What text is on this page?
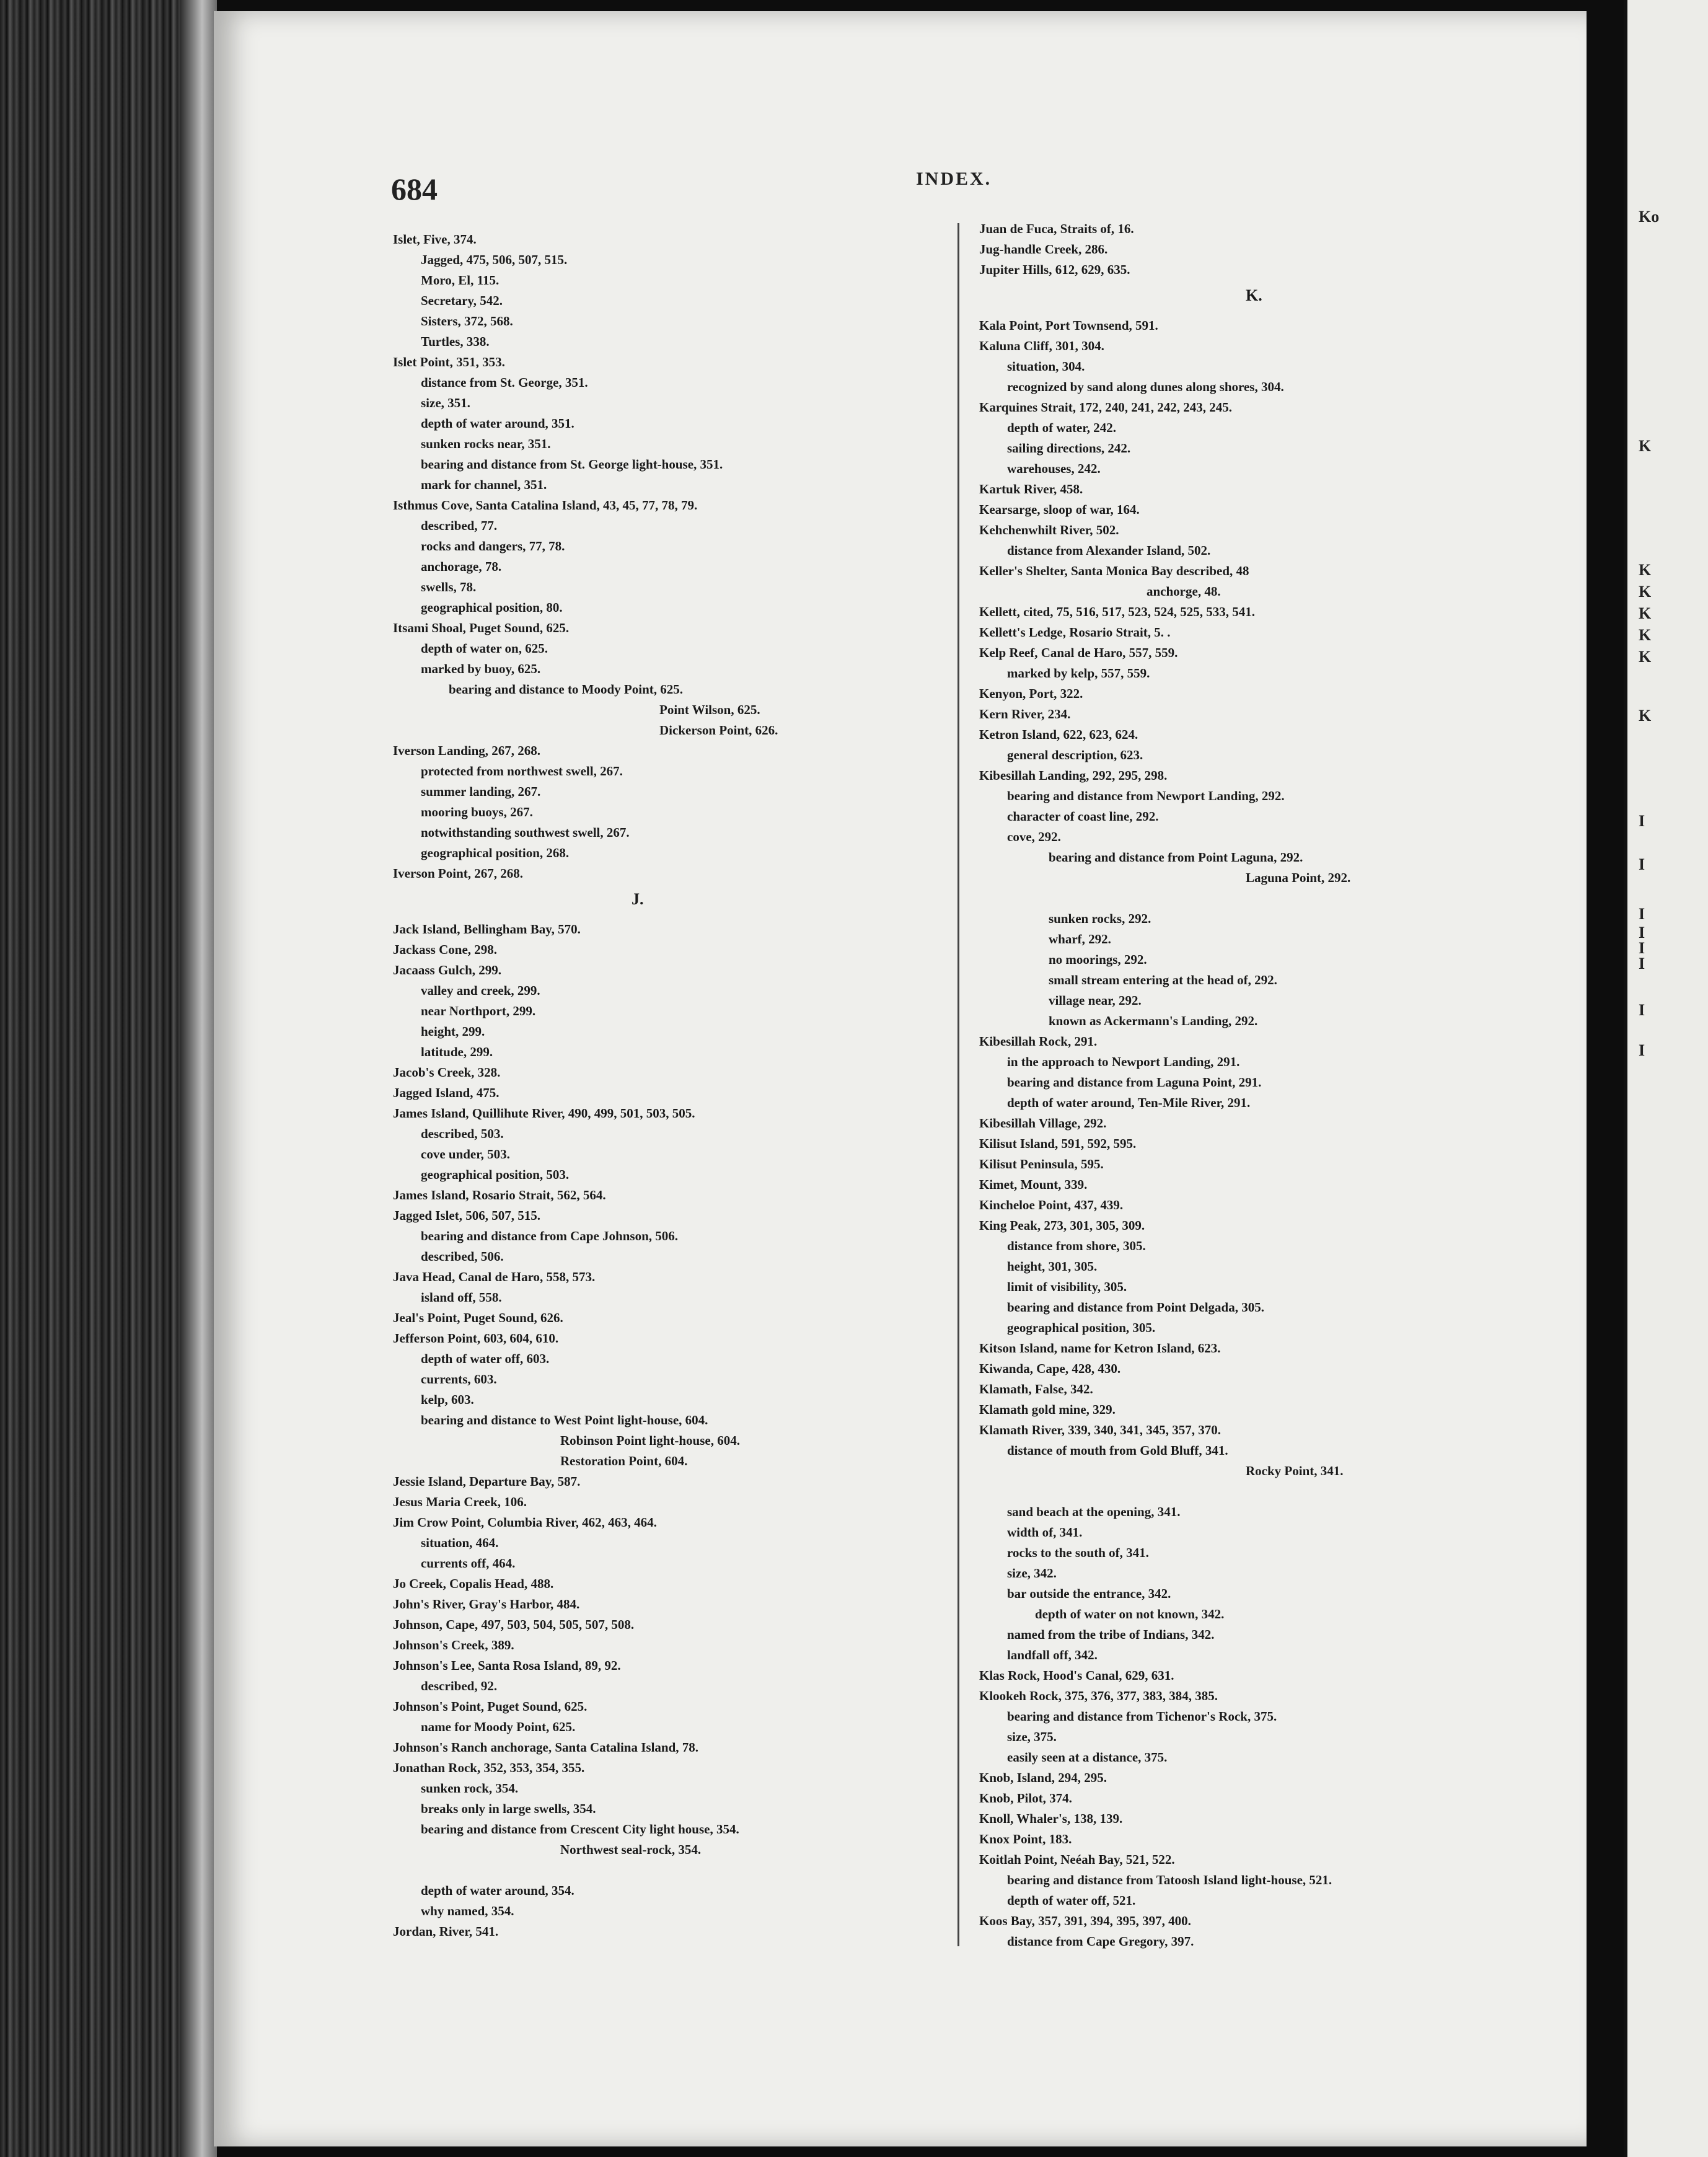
684	INDEX.
Islet, Five, 374.
Jagged, 475, 506, 507, 515.
Moro, El, 115.
Secretary, 542.
Sisters, 372, 568.
Turtles, 338.
Islet Point, 351, 353.
distance from St. George, 351.
size, 351.
depth of water around, 351.
sunken rocks near, 351.
bearing and distance from St. George light-house, 351.
mark for channel, 351.
Isthmus Cove, Santa Catalina Island, 43, 45, 77, 78, 79.
described, 77.
rocks and dangers, 77, 78.
anchorage, 78.
swells, 78.
geographical position, 80.
Itsami Shoal, Puget Sound, 625.
depth of water on, 625.
marked by buoy, 625.
bearing and distance to Moody Point, 625.
Point Wilson, 625.
Dickerson Point, 626.
Iverson Landing, 267, 268.
protected from northwest swell, 267.
summer landing, 267.
mooring buoys, 267.
notwithstanding southwest swell, 267.
geographical position, 268.
Iverson Point, 267, 268.
J.
Jack Island, Bellingham Bay, 570.
Jackass Cone, 298.
Jacaass Gulch, 299.
valley and creek, 299.
near Northport, 299.
height, 299.
latitude, 299.
Jacob's Creek, 328.
Jagged Island, 475.
James Island, Quillihute River, 490, 499, 501, 503, 505.
described, 503.
cove under, 503.
geographical position, 503.
James Island, Rosario Strait, 562, 564.
Jagged Islet, 506, 507, 515.
bearing and distance from Cape Johnson, 506.
described, 506.
Java Head, Canal de Haro, 558, 573.
island off, 558.
Jeal's Point, Puget Sound, 626.
Jefferson Point, 603, 604, 610.
depth of water off, 603.
currents, 603.
kelp, 603.
bearing and distance to West Point light-house, 604.
Robinson Point light-house, 604.
Restoration Point, 604.
Jessie Island, Departure Bay, 587.
Jesus Maria Creek, 106.
Jim Crow Point, Columbia River, 462, 463, 464.
situation, 464.
currents off, 464.
Jo Creek, Copalis Head, 488.
John's River, Gray's Harbor, 484.
Johnson, Cape, 497, 503, 504, 505, 507, 508.
Johnson's Creek, 389.
Johnson's Lee, Santa Rosa Island, 89, 92.
described, 92.
Johnson's Point, Puget Sound, 625.
name for Moody Point, 625.
Johnson's Ranch anchorage, Santa Catalina Island, 78.
Jonathan Rock, 352, 353, 354, 355.
sunken rock, 354.
breaks only in large swells, 354.
bearing and distance from Crescent City light house, 354.
Northwest seal-rock, 354.
depth of water around, 354.
why named, 354.
Jordan, River, 541.
Juan de Fuca, Straits of, 16.
Jug-handle Creek, 286.
Jupiter Hills, 612, 629, 635.
K.
Kala Point, Port Townsend, 591.
Kaluna Cliff, 301, 304.
situation, 304.
recognized by sand along dunes along shores, 304.
Karquines Strait, 172, 240, 241, 242, 243, 245.
depth of water, 242.
sailing directions, 242.
warehouses, 242.
Kartuk River, 458.
Kearsarge, sloop of war, 164.
Kehchenwhilt River, 502.
distance from Alexander Island, 502.
Keller's Shelter, Santa Monica Bay described, 48
anchorge, 48.
Kellett, cited, 75, 516, 517, 523, 524, 525, 533, 541.
Kellett's Ledge, Rosario Strait, 5. .
Kelp Reef, Canal de Haro, 557, 559.
marked by kelp, 557, 559.
Kenyon, Port, 322.
Kern River, 234.
Ketron Island, 622, 623, 624.
general description, 623.
Kibesillah Landing, 292, 295, 298.
bearing and distance from Newport Landing, 292.
character of coast line, 292.
cove, 292.
bearing and distance from Point Laguna, 292.
Laguna Point, 292.
sunken rocks, 292.
wharf, 292.
no moorings, 292.
small stream entering at the head of, 292.
village near, 292.
known as Ackermann's Landing, 292.
Kibesillah Rock, 291.
in the approach to Newport Landing, 291.
bearing and distance from Laguna Point, 291.
depth of water around, Ten-Mile River, 291.
Kibesillah Village, 292.
Kilisut Island, 591, 592, 595.
Kilisut Peninsula, 595.
Kimet, Mount, 339.
Kincheloe Point, 437, 439.
King Peak, 273, 301, 305, 309.
distance from shore, 305.
height, 301, 305.
limit of visibility, 305.
bearing and distance from Point Delgada, 305.
geographical position, 305.
Kitson Island, name for Ketron Island, 623.
Kiwanda, Cape, 428, 430.
Klamath, False, 342.
Klamath gold mine, 329.
Klamath River, 339, 340, 341, 345, 357, 370.
distance of mouth from Gold Bluff, 341.
Rocky Point, 341.
sand beach at the opening, 341.
width of, 341.
rocks to the south of, 341.
size, 342.
bar outside the entrance, 342.
depth of water on not known, 342.
named from the tribe of Indians, 342.
landfall off, 342.
Klas Rock, Hood's Canal, 629, 631.
Klookeh Rock, 375, 376, 377, 383, 384, 385.
bearing and distance from Tichenor's Rock, 375.
size, 375.
easily seen at a distance, 375.
Knob, Island, 294, 295.
Knob, Pilot, 374.
Knoll, Whaler's, 138, 139.
Knox Point, 183.
Koitlah Point, Neéah Bay, 521, 522.
bearing and distance from Tatoosh Island light-house, 521.
depth of water off, 521.
Koos Bay, 357, 391, 394, 395, 397, 400.
distance from Cape Gregory, 397.
Ko
K
K
K
K
K
K
K
I
I
I
I
I
I
I
I
